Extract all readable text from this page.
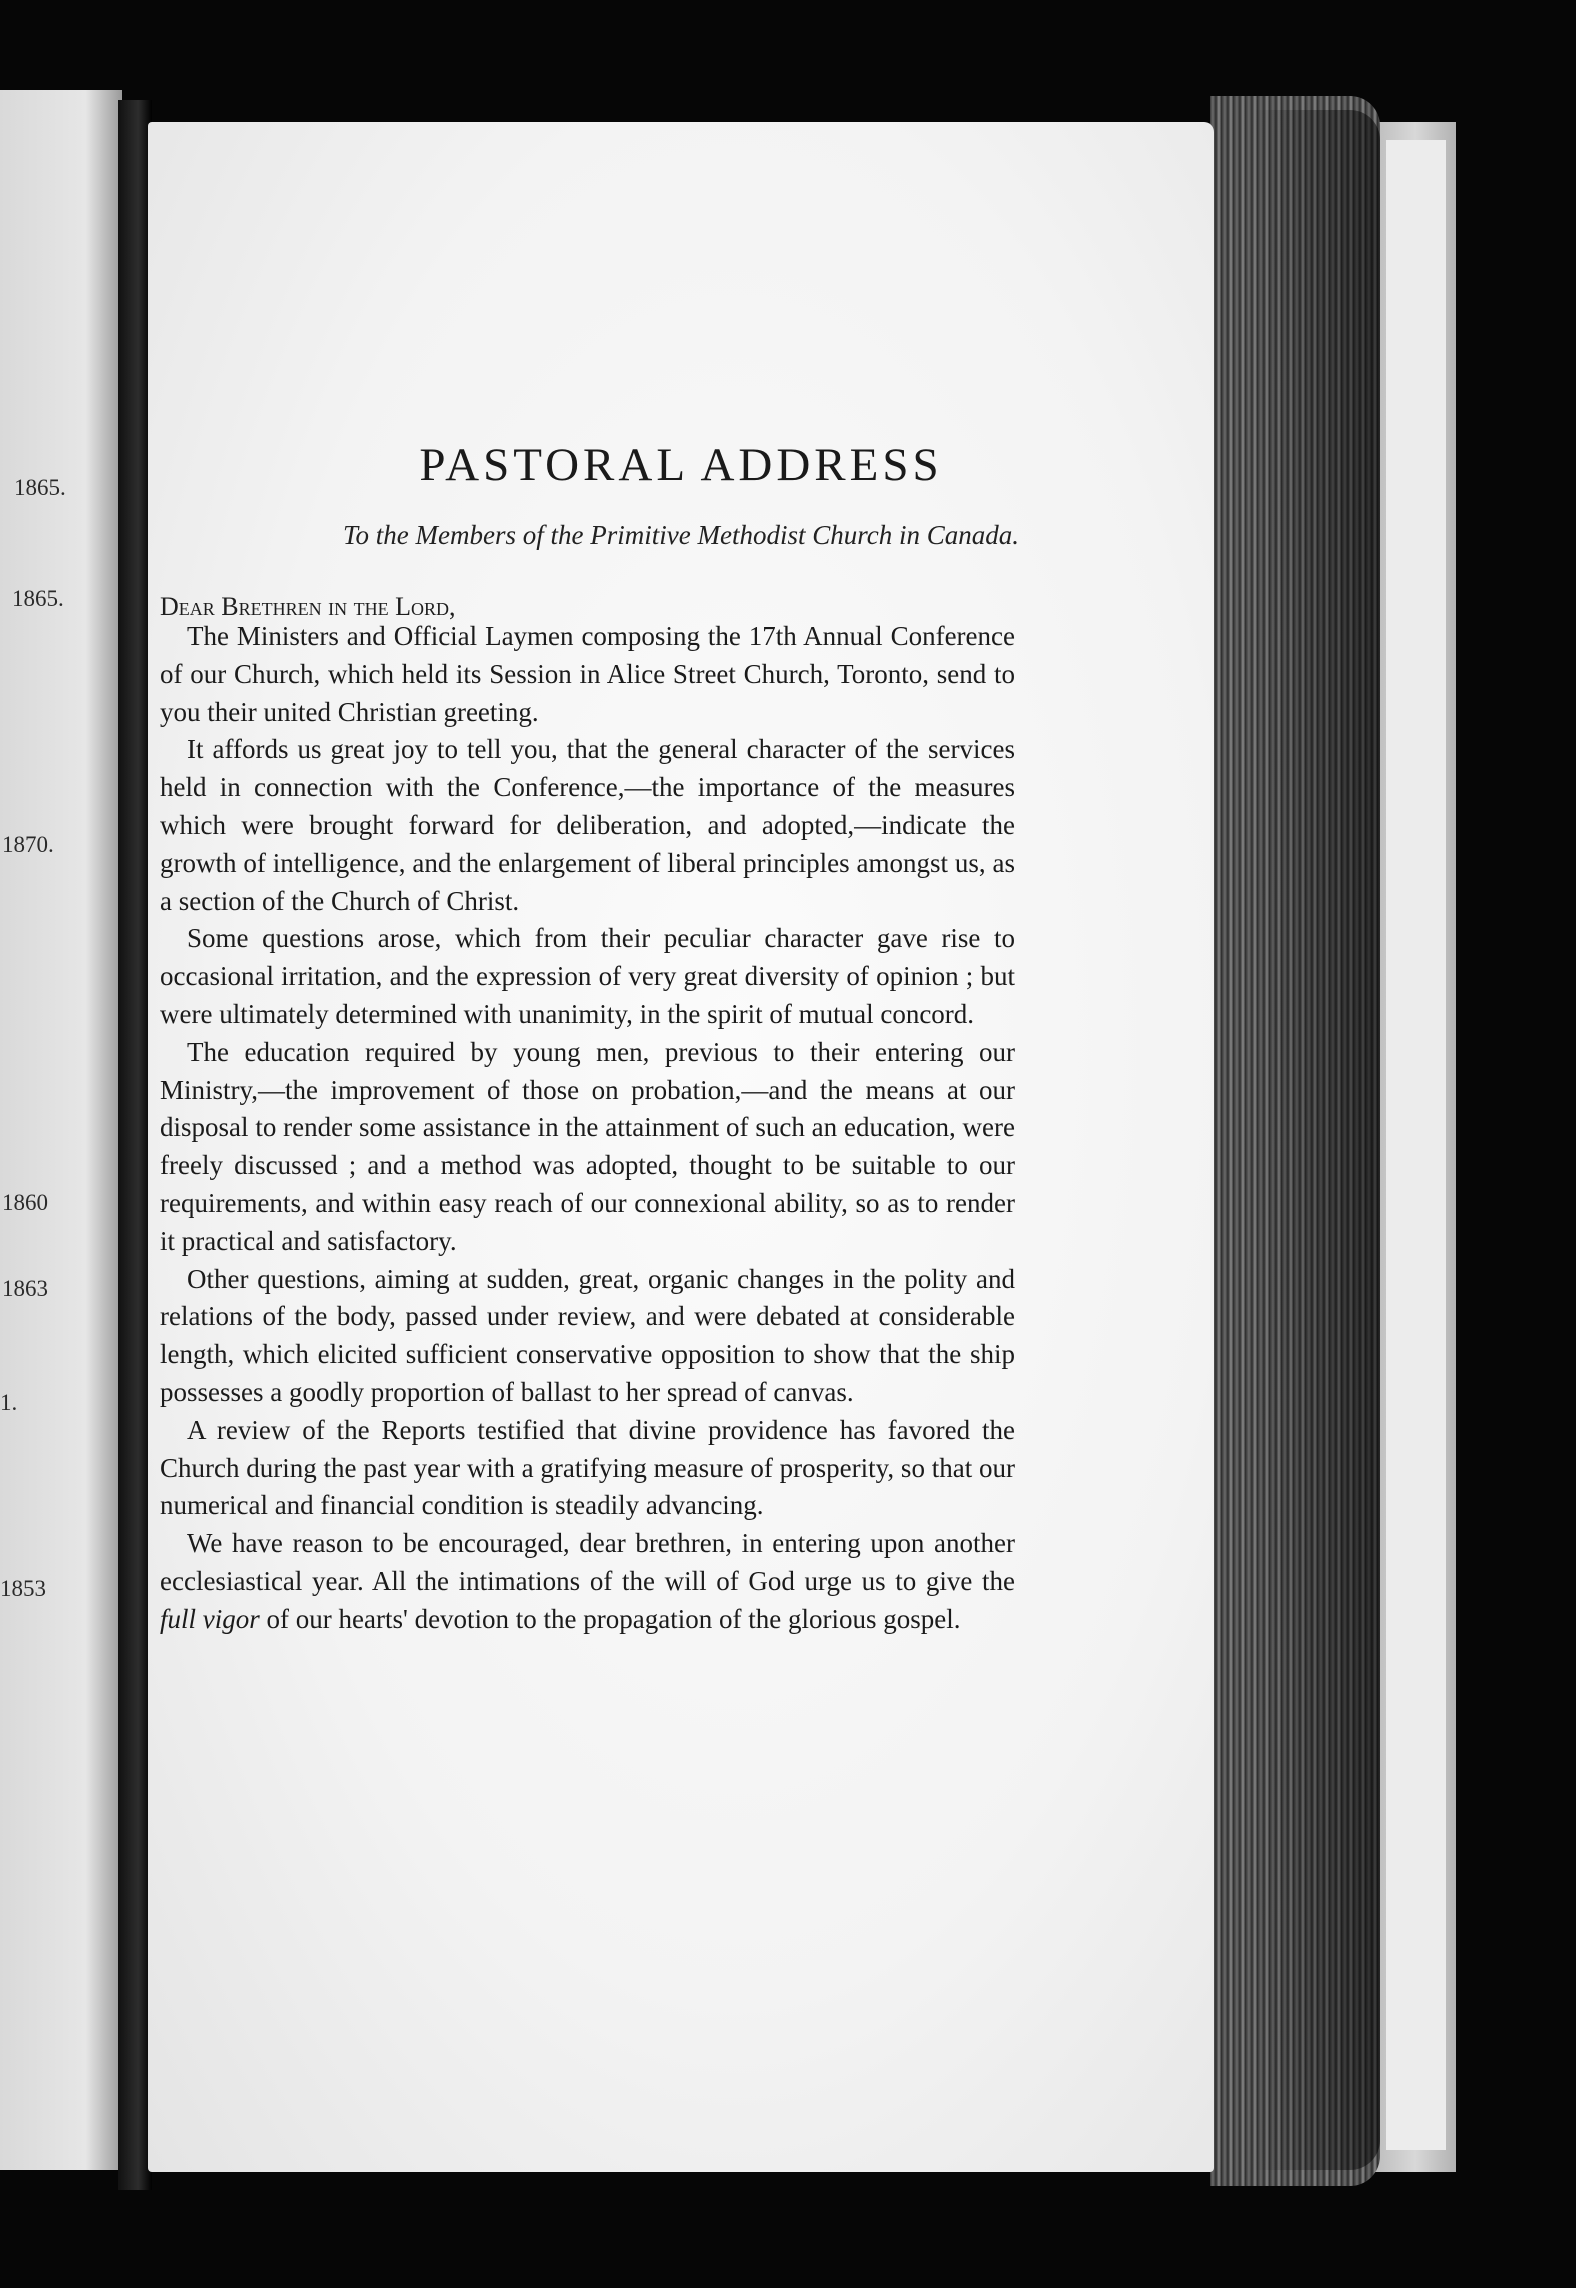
1865.
1865.
1870.
1860
1863
1.
1853
PASTORAL ADDRESS

To the Members of the Primitive Methodist Church in Canada.

Dear Brethren in the Lord,

The Ministers and Official Laymen composing the 17th Annual Conference of our Church, which held its Session in Alice Street Church, Toronto, send to you their united Christian greeting.

It affords us great joy to tell you, that the general character of the services held in connection with the Conference,—the importance of the measures which were brought forward for deliberation, and adopted,—indicate the growth of intelligence, and the enlargement of liberal principles amongst us, as a section of the Church of Christ.

Some questions arose, which from their peculiar character gave rise to occasional irritation, and the expression of very great diversity of opinion ; but were ultimately determined with unanimity, in the spirit of mutual concord.

The education required by young men, previous to their entering our Ministry,—the improvement of those on probation,—and the means at our disposal to render some assistance in the attainment of such an education, were freely discussed ; and a method was adopted, thought to be suitable to our requirements, and within easy reach of our connexional ability, so as to render it practical and satisfactory.

Other questions, aiming at sudden, great, organic changes in the polity and relations of the body, passed under review, and were debated at considerable length, which elicited sufficient conservative opposition to show that the ship possesses a goodly proportion of ballast to her spread of canvas.

A review of the Reports testified that divine providence has favored the Church during the past year with a gratifying measure of prosperity, so that our numerical and financial condition is steadily advancing.

We have reason to be encouraged, dear brethren, in entering upon another ecclesiastical year. All the intimations of the will of God urge us to give the full vigor of our hearts' devotion to the propagation of the glorious gospel.
